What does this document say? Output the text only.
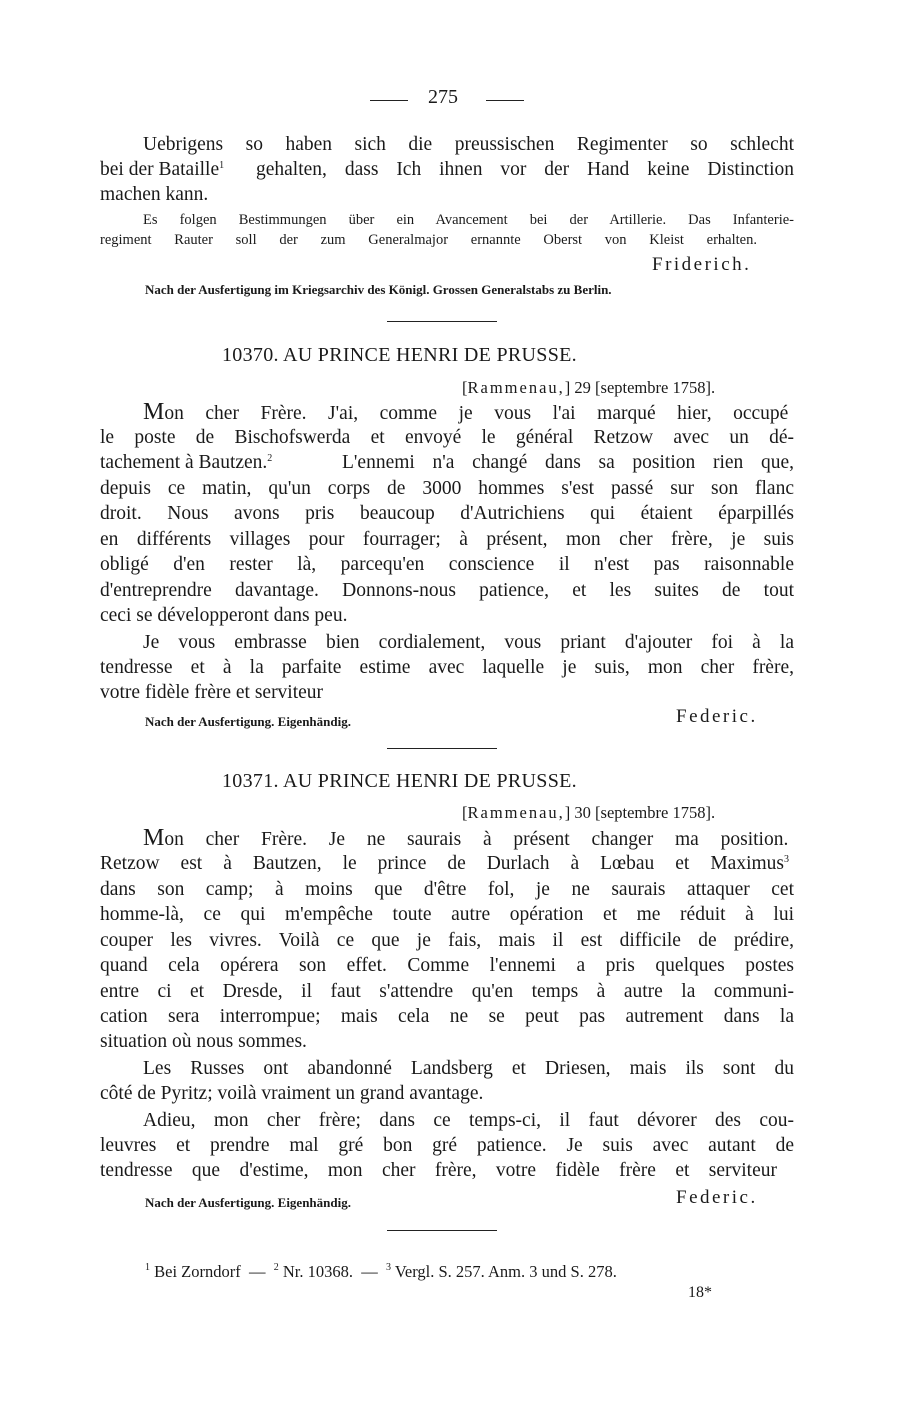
275
Uebrigens so haben sich die preussischen Regimenter so schlecht
bei der Bataille$^1$ gehalten, dass Ich ihnen vor der Hand keine Distinction
machen kann.
Es folgen Bestimmungen über ein Avancement bei der Artillerie. Das Infanterie-
regiment Rauter soll der zum Generalmajor ernannte Oberst von Kleist erhalten.
Friderich.
Nach der Ausfertigung im Kriegsarchiv des Königl. Grossen Generalstabs zu Berlin.
10370. AU PRINCE HENRI DE PRUSSE.
[Rammenau,] 29 [septembre 1758].
Mon cher Frère. J'ai, comme je vous l'ai marqué hier, occupé
le poste de Bischofswerda et envoyé le général Retzow avec un dé-
tachement à Bautzen.$^2$	L'ennemi n'a changé dans sa position rien que,
depuis ce matin, qu'un corps de 3000 hommes s'est passé sur son flanc
droit. Nous avons pris beaucoup d'Autrichiens qui étaient éparpillés
en différents villages pour fourrager; à présent, mon cher frère, je suis
obligé d'en rester là, parcequ'en conscience il n'est pas raisonnable
d'entreprendre davantage. Donnons-nous patience, et les suites de tout
ceci se développeront dans peu.
Je vous embrasse bien cordialement, vous priant d'ajouter foi à la
tendresse et à la parfaite estime avec laquelle je suis, mon cher frère,
votre fidèle frère et serviteur
Nach der Ausfertigung. Eigenhändig.	Federic.
10371. AU PRINCE HENRI DE PRUSSE.
[Rammenau,] 30 [septembre 1758].
Mon cher Frère. Je ne saurais à présent changer ma position.
Retzow est à Bautzen, le prince de Durlach à Lœbau et Maximus$^3$
dans son camp; à moins que d'être fol, je ne saurais attaquer cet
homme-là, ce qui m'empêche toute autre opération et me réduit à lui
couper les vivres. Voilà ce que je fais, mais il est difficile de prédire,
quand cela opérera son effet. Comme l'ennemi a pris quelques postes
entre ci et Dresde, il faut s'attendre qu'en temps à autre la communi-
cation sera interrompue; mais cela ne se peut pas autrement dans la
situation où nous sommes.
Les Russes ont abandonné Landsberg et Driesen, mais ils sont du
côté de Pyritz; voilà vraiment un grand avantage.
Adieu, mon cher frère; dans ce temps-ci, il faut dévorer des cou-
leuvres et prendre mal gré bon gré patience. Je suis avec autant de
tendresse que d'estime, mon cher frère, votre fidèle frère et serviteur
Nach der Ausfertigung. Eigenhändig.	Federic.
$^1$ Bei Zorndorf — $^2$ Nr. 10368. — $^3$ Vergl. S. 257. Anm. 3 und S. 278.
18*
